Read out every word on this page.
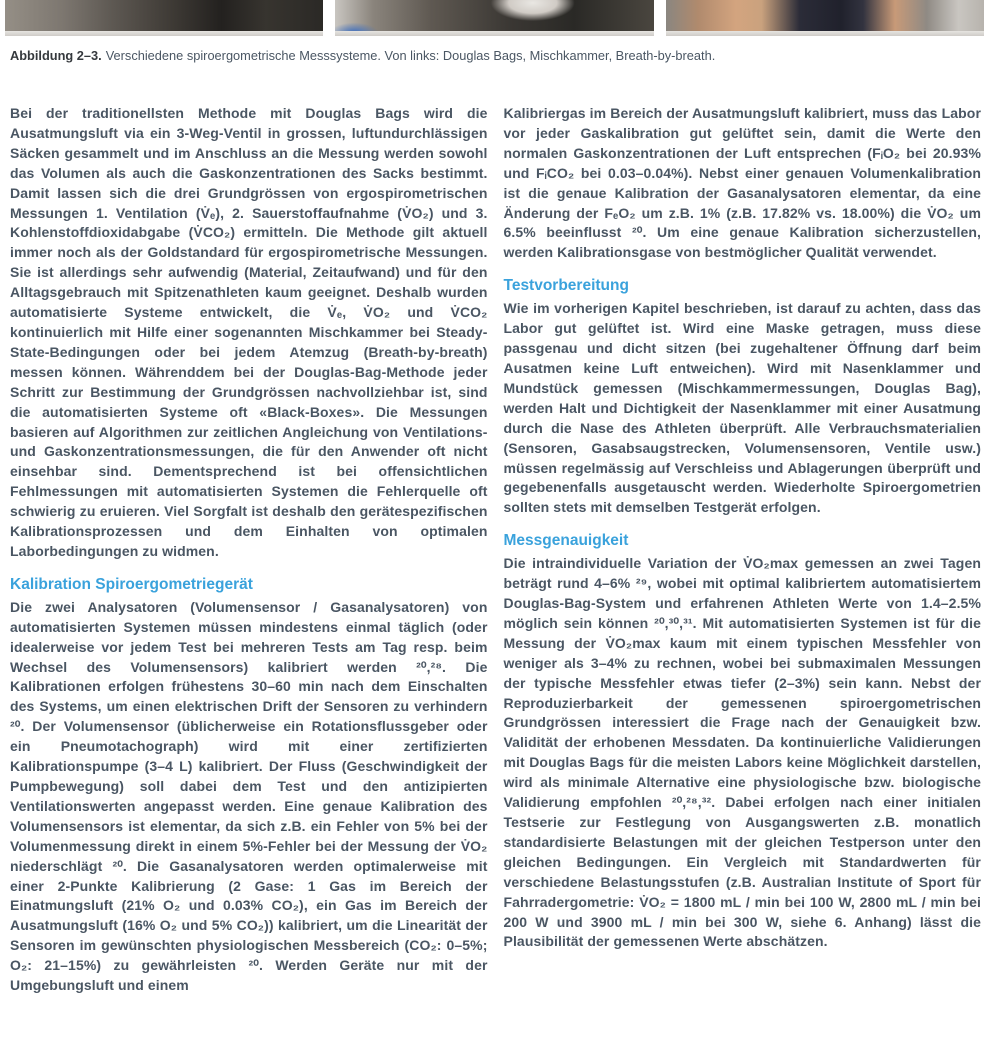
Abbildung 2–3. Verschiedene spiroergometrische Messsysteme. Von links: Douglas Bags, Mischkammer, Breath-by-breath.

Bei der traditionellsten Methode mit Douglas Bags wird die Ausatmungsluft via ein 3-Weg-Ventil in grossen, luftundurchlässigen Säcken gesammelt und im Anschluss an die Messung werden sowohl das Volumen als auch die Gaskonzentrationen des Sacks bestimmt. Damit lassen sich die drei Grundgrössen von ergospirometrischen Messungen 1. Ventilation (V̇ₑ), 2. Sauerstoffaufnahme (V̇O₂) und 3. Kohlenstoffdioxidabgabe (V̇CO₂) ermitteln. Die Methode gilt aktuell immer noch als der Goldstandard für ergospirometrische Messungen. Sie ist allerdings sehr aufwendig (Material, Zeitaufwand) und für den Alltagsgebrauch mit Spitzenathleten kaum geeignet. Deshalb wurden automatisierte Systeme entwickelt, die V̇ₑ, V̇O₂ und V̇CO₂ kontinuierlich mit Hilfe einer sogenannten Mischkammer bei Steady-State-Bedingungen oder bei jedem Atemzug (Breath-by-breath) messen können. Währenddem bei der Douglas-Bag-Methode jeder Schritt zur Bestimmung der Grundgrössen nachvollziehbar ist, sind die automatisierten Systeme oft «Black-Boxes». Die Messungen basieren auf Algorithmen zur zeitlichen Angleichung von Ventilations- und Gaskonzentrationsmessungen, die für den Anwender oft nicht einsehbar sind. Dementsprechend ist bei offensichtlichen Fehlmessungen mit automatisierten Systemen die Fehlerquelle oft schwierig zu eruieren. Viel Sorgfalt ist deshalb den gerätespezifischen Kalibrationsprozessen und dem Einhalten von optimalen Laborbedingungen zu widmen.

Kalibration Spiroergometriegerät

Die zwei Analysatoren (Volumensensor / Gasanalysatoren) von automatisierten Systemen müssen mindestens einmal täglich (oder idealerweise vor jedem Test bei mehreren Tests am Tag resp. beim Wechsel des Volumensensors) kalibriert werden ²⁰,²⁸. Die Kalibrationen erfolgen frühestens 30–60 min nach dem Einschalten des Systems, um einen elektrischen Drift der Sensoren zu verhindern ²⁰. Der Volumensensor (üblicherweise ein Rotationsflussgeber oder ein Pneumotachograph) wird mit einer zertifizierten Kalibrationspumpe (3–4 L) kalibriert. Der Fluss (Geschwindigkeit der Pumpbewegung) soll dabei dem Test und den antizipierten Ventilationswerten angepasst werden. Eine genaue Kalibration des Volumensensors ist elementar, da sich z.B. ein Fehler von 5% bei der Volumenmessung direkt in einem 5%-Fehler bei der Messung der V̇O₂ niederschlägt ²⁰. Die Gasanalysatoren werden optimalerweise mit einer 2-Punkte Kalibrierung (2 Gase: 1 Gas im Bereich der Einatmungsluft (21% O₂ und 0.03% CO₂), ein Gas im Bereich der Ausatmungsluft (16% O₂ und 5% CO₂)) kalibriert, um die Linearität der Sensoren im gewünschten physiologischen Messbereich (CO₂: 0–5%; O₂: 21–15%) zu gewährleisten ²⁰. Werden Geräte nur mit der Umgebungsluft und einem

Kalibriergas im Bereich der Ausatmungsluft kalibriert, muss das Labor vor jeder Gaskalibration gut gelüftet sein, damit die Werte den normalen Gaskonzentrationen der Luft entsprechen (FᵢO₂ bei 20.93% und FᵢCO₂ bei 0.03–0.04%). Nebst einer genauen Volumenkalibration ist die genaue Kalibration der Gasanalysatoren elementar, da eine Änderung der FₑO₂ um z.B. 1% (z.B. 17.82% vs. 18.00%) die V̇O₂ um 6.5% beeinflusst ²⁰. Um eine genaue Kalibration sicherzustellen, werden Kalibrationsgase von bestmöglicher Qualität verwendet.

Testvorbereitung

Wie im vorherigen Kapitel beschrieben, ist darauf zu achten, dass das Labor gut gelüftet ist. Wird eine Maske getragen, muss diese passgenau und dicht sitzen (bei zugehaltener Öffnung darf beim Ausatmen keine Luft entweichen). Wird mit Nasenklammer und Mundstück gemessen (Mischkammermessungen, Douglas Bag), werden Halt und Dichtigkeit der Nasenklammer mit einer Ausatmung durch die Nase des Athleten überprüft. Alle Verbrauchsmaterialien (Sensoren, Gasabsaugstrecken, Volumensensoren, Ventile usw.) müssen regelmässig auf Verschleiss und Ablagerungen überprüft und gegebenenfalls ausgetauscht werden. Wiederholte Spiroergometrien sollten stets mit demselben Testgerät erfolgen.

Messgenauigkeit

Die intraindividuelle Variation der V̇O₂max gemessen an zwei Tagen beträgt rund 4–6% ²⁹, wobei mit optimal kalibriertem automatisiertem Douglas-Bag-System und erfahrenen Athleten Werte von 1.4–2.5% möglich sein können ²⁰,³⁰,³¹. Mit automatisierten Systemen ist für die Messung der V̇O₂max kaum mit einem typischen Messfehler von weniger als 3–4% zu rechnen, wobei bei submaximalen Messungen der typische Messfehler etwas tiefer (2–3%) sein kann. Nebst der Reproduzierbarkeit der gemessenen spiroergometrischen Grundgrössen interessiert die Frage nach der Genauigkeit bzw. Validität der erhobenen Messdaten. Da kontinuierliche Validierungen mit Douglas Bags für die meisten Labors keine Möglichkeit darstellen, wird als minimale Alternative eine physiologische bzw. biologische Validierung empfohlen ²⁰,²⁸,³². Dabei erfolgen nach einer initialen Testserie zur Festlegung von Ausgangswerten z.B. monatlich standardisierte Belastungen mit der gleichen Testperson unter den gleichen Bedingungen. Ein Vergleich mit Standardwerten für verschiedene Belastungsstufen (z.B. Australian Institute of Sport für Fahrradergometrie: V̇O₂ = 1800 mL / min bei 100 W, 2800 mL / min bei 200 W und 3900 mL / min bei 300 W, siehe 6. Anhang) lässt die Plausibilität der gemessenen Werte abschätzen.
